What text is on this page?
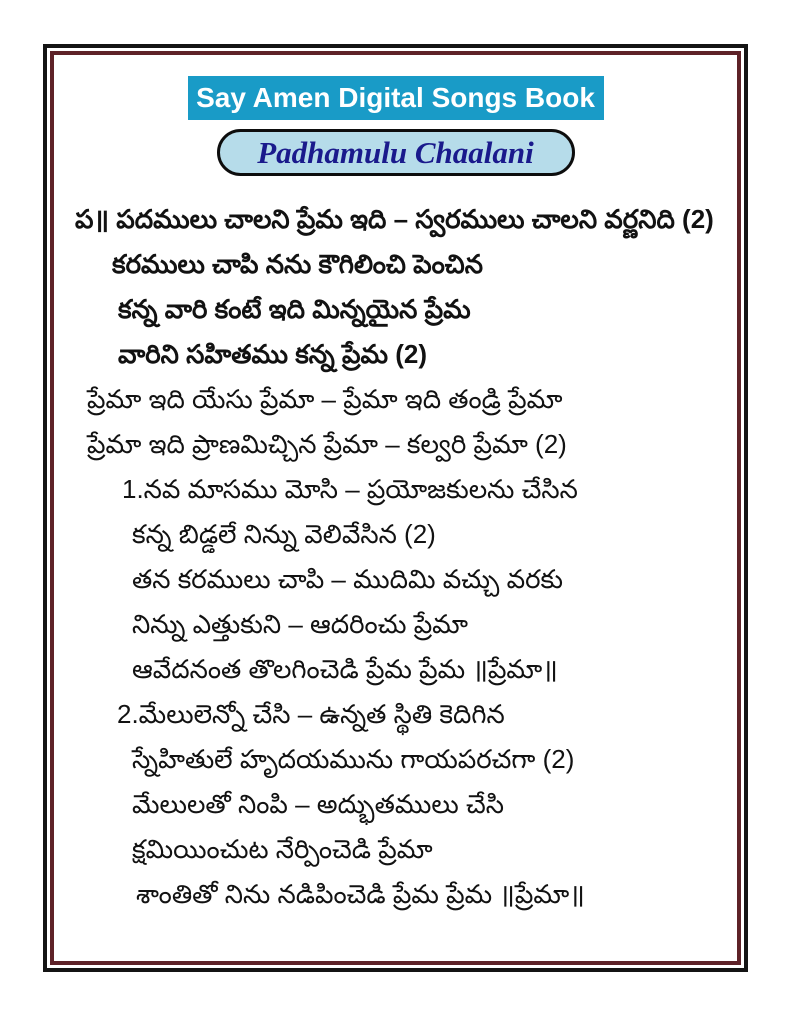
Say Amen Digital Songs Book
Padhamulu Chaalani
ప॥ పదములు చాలని ప్రేమ ఇది – స్వరములు చాలని వర్ణనిది (2)
కరములు చాపి నను కౌగిలించి పెంచిన
కన్న వారి కంటే ఇది మిన్నయైన ప్రేమ
వారిని సహితము కన్న ప్రేమ (2)
ప్రేమా ఇది యేసు ప్రేమా – ప్రేమా ఇది తండ్రి ప్రేమా
ప్రేమా ఇది ప్రాణమిచ్చిన ప్రేమా – కల్వరి ప్రేమా (2)
1.నవ మాసము మోసి – ప్రయోజకులను చేసిన
కన్న బిడ్డలే నిన్ను వెలివేసిన (2)
తన కరములు చాపి – ముదిమి వచ్చు వరకు
నిన్ను ఎత్తుకుని – ఆదరించు ప్రేమా
ఆవేదనంత తొలగించెడి ప్రేమ ప్రేమ ॥ప్రేమా॥
2.మేలులెన్నో చేసి – ఉన్నత స్థితి కెదిగిన
స్నేహితులే హృదయమును గాయపరచగా (2)
మేలులతో నింపి – అద్భుతములు చేసి
క్షమియించుట నేర్పించెడి ప్రేమా
శాంతితో నిను నడిపించెడి ప్రేమ ప్రేమ ॥ప్రేమా॥
